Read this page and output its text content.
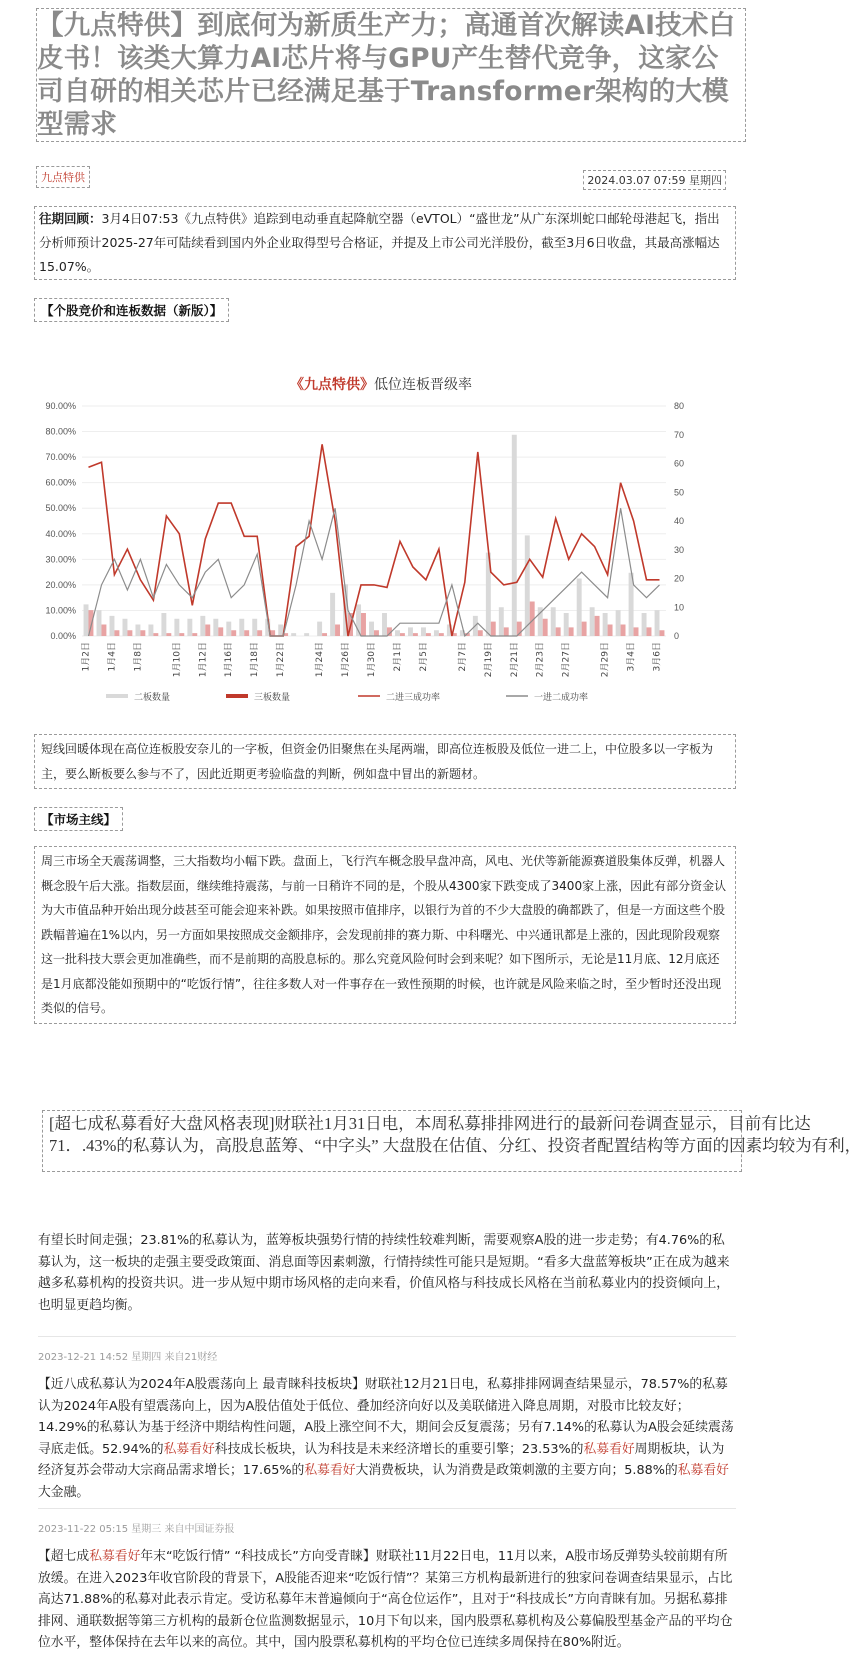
【九点特供】到底何为新质生产力；高通首次解读AI技术白皮书！该类大算力AI芯片将与GPU产生替代竞争，这家公司自研的相关芯片已经满足基于Transformer架构的大模型需求
九点特供	2024.03.07 07:59 星期四
往期回顾：3月4日07:53《九点特供》追踪到电动垂直起降航空器（eVTOL）“盛世龙”从广东深圳蛇口邮轮母港起飞，指出分析师预计2025-27年可陆续看到国内外企业取得型号合格证，并提及上市公司光洋股份，截至3月6日收盘，其最高涨幅达15.07%。
【个股竞价和连板数据（新版）】
《九点特供》低位连板晋级率
0.00%
10.00%
20.00%
30.00%
40.00%
50.00%
60.00%
70.00%
80.00%
90.00%
0
10
20
30
40
50
60
70
80
1月2日 1月4日 1月8日	1月10日 1月12日 1月16日 1月18日 1月22日	1月24日 1月26日 1月30日 2月1日 2月5日	2月7日 2月19日 2月21日 2月23日 2月27日	2月29日 3月4日 3月6日
二板数量	三板数量	二进三成功率	一进二成功率
短线回暖体现在高位连板股安奈儿的一字板，但资金仍旧聚焦在头尾两端，即高位连板股及低位一进二上，中位股多以一字板为主，要么断板要么参与不了，因此近期更考验临盘的判断，例如盘中冒出的新题材。
【市场主线】
周三市场全天震荡调整，三大指数均小幅下跌。盘面上，飞行汽车概念股早盘冲高，风电、光伏等新能源赛道股集体反弹，机器人概念股午后大涨。指数层面，继续维持震荡，与前一日稍许不同的是，个股从4300家下跌变成了3400家上涨，因此有部分资金认为大市值品种开始出现分歧甚至可能会迎来补跌。如果按照市值排序，以银行为首的不少大盘股的确都跌了，但是一方面这些个股跌幅普遍在1%以内，另一方面如果按照成交金额排序，会发现前排的赛力斯、中科曙光、中兴通讯都是上涨的，因此现阶段观察这一批科技大票会更加准确些，而不是前期的高股息标的。那么究竟风险何时会到来呢？如下图所示，无论是11月底、12月底还是1月底都没能如预期中的“吃饭行情”，往往多数人对一件事存在一致性预期的时候，也许就是风险来临之时，至少暂时还没出现类似的信号。
[超七成私募看好大盘风格表现]财联社1月31日电，本周私募排排网进行的最新问卷调查显示，目前有比达
71．.43%的私募认为，高股息蓝筹、“中字头” 大盘股在估值、分红、投资者配置结构等方面的因素均较为有利，
有望长时间走强；23.81%的私募认为，蓝筹板块强势行情的持续性较难判断，需要观察A股的进一步走势；有4.76%的私募认为，这一板块的走强主要受政策面、消息面等因素刺激，行情持续性可能只是短期。“看多大盘蓝筹板块”正在成为越来越多私募机构的投资共识。进一步从短中期市场风格的走向来看，价值风格与科技成长风格在当前私募业内的投资倾向上，也明显更趋均衡。
2023-12-21 14:52 星期四 来自21财经
【近八成私募认为2024年A股震荡向上 最青睐科技板块】财联社12月21日电，私募排排网调查结果显示，78.57%的私募认为2024年A股有望震荡向上，因为A股估值处于低位、叠加经济向好以及美联储进入降息周期，对股市比较友好；14.29%的私募认为基于经济中期结构性问题，A股上涨空间不大，期间会反复震荡；另有7.14%的私募认为A股会延续震荡寻底走低。52.94%的私募看好科技成长板块，认为科技是未来经济增长的重要引擎；23.53%的私募看好周期板块，认为经济复苏会带动大宗商品需求增长；17.65%的私募看好大消费板块，认为消费是政策刺激的主要方向；5.88%的私募看好大金融。
2023-11-22 05:15 星期三 来自中国证券报
【超七成私募看好年末“吃饭行情” “科技成长”方向受青睐】财联社11月22日电，11月以来，A股市场反弹势头较前期有所放缓。在进入2023年收官阶段的背景下，A股能否迎来“吃饭行情”？某第三方机构最新进行的独家问卷调查结果显示，占比高达71.88%的私募对此表示肯定。受访私募年末普遍倾向于“高仓位运作”，且对于“科技成长”方向青睐有加。另据私募排排网、通联数据等第三方机构的最新仓位监测数据显示，10月下旬以来，国内股票私募机构及公募偏股型基金产品的平均仓位水平，整体保持在去年以来的高位。其中，国内股票私募机构的平均仓位已连续多周保持在80%附近。
